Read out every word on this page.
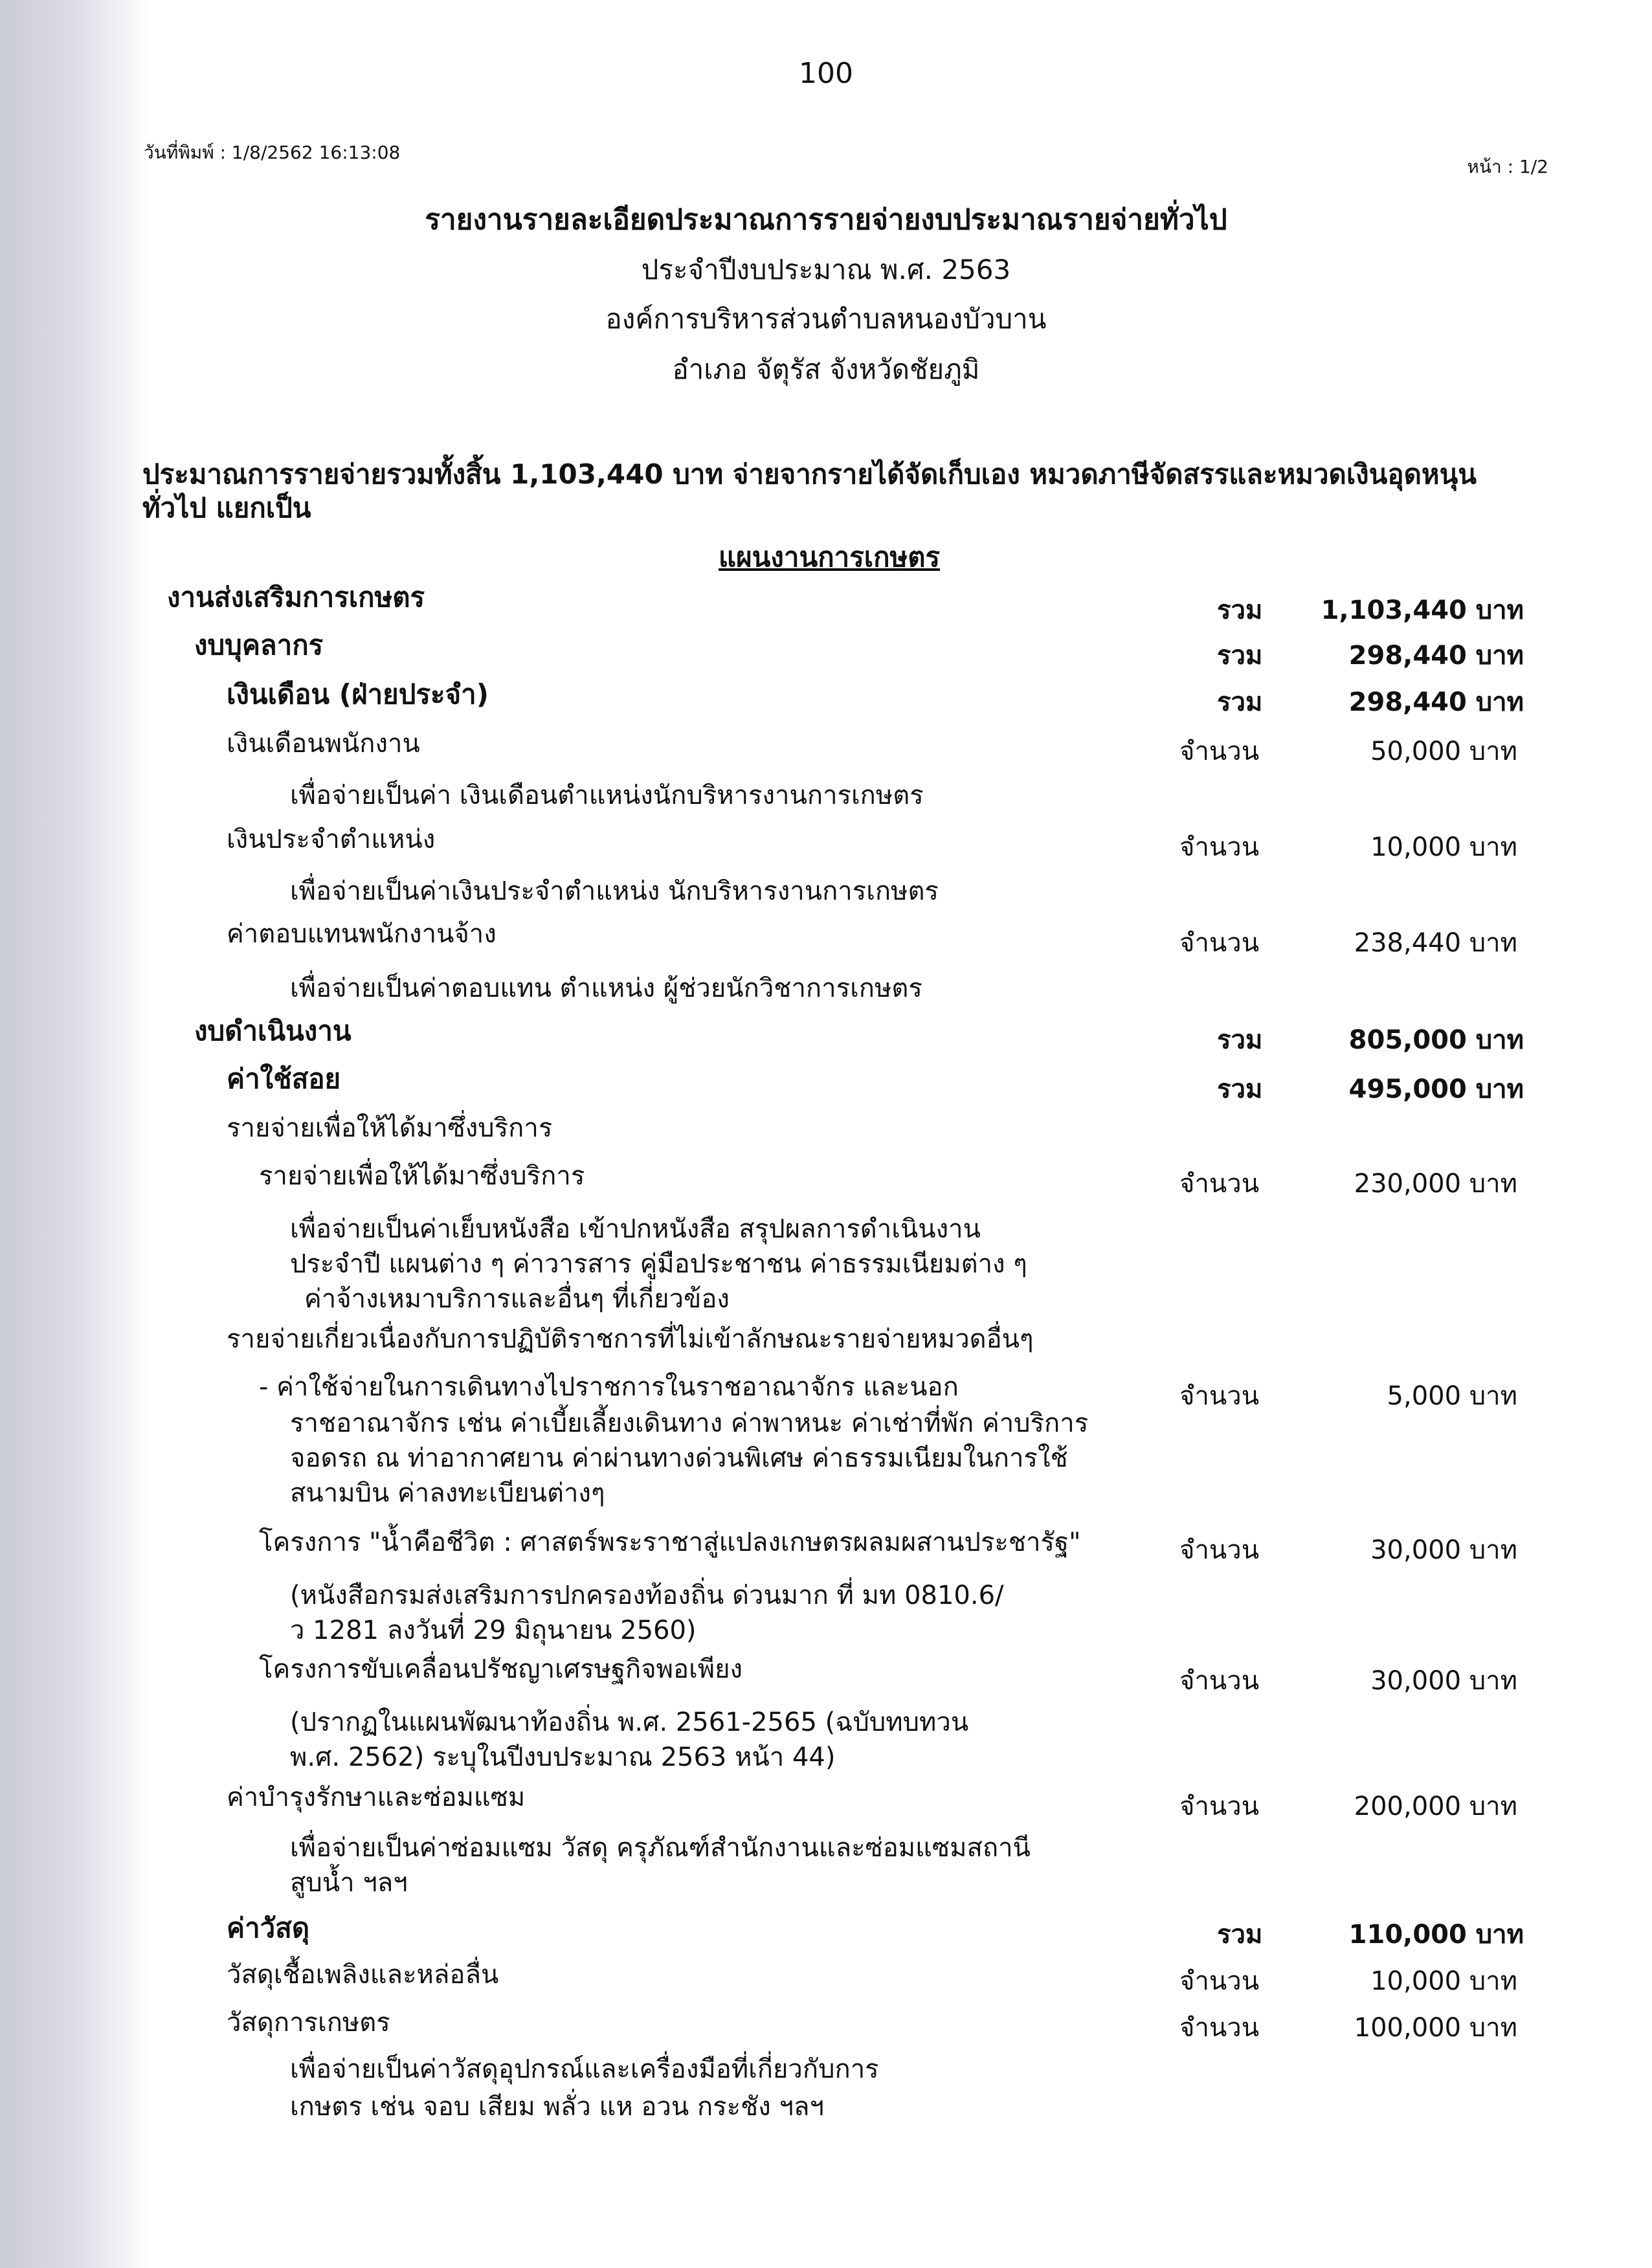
100
วันที่พิมพ์ : 1/8/2562 16:13:08
หน้า : 1/2
รายงานรายละเอียดประมาณการรายจ่ายงบประมาณรายจ่ายทั่วไป
ประจำปีงบประมาณ พ.ศ. 2563
องค์การบริหารส่วนตำบลหนองบัวบาน
อำเภอ จัตุรัส จังหวัดชัยภูมิ
ประมาณการรายจ่ายรวมทั้งสิ้น 1,103,440 บาท จ่ายจากรายได้จัดเก็บเอง หมวดภาษีจัดสรรและหมวดเงินอุดหนุน
ทั่วไป แยกเป็น
แผนงานการเกษตร
งานส่งเสริมการเกษตร	รวม 1,103,440 บาท
งบบุคลากร	รวม	298,440 บาท
เงินเดือน (ฝ่ายประจำ)	รวม	298,440 บาท
เงินเดือนพนักงาน	จำนวน	50,000 บาท
เพื่อจ่ายเป็นค่า เงินเดือนตำแหน่งนักบริหารงานการเกษตร
เงินประจำตำแหน่ง	จำนวน	10,000 บาท
เพื่อจ่ายเป็นค่าเงินประจำตำแหน่ง นักบริหารงานการเกษตร
ค่าตอบแทนพนักงานจ้าง	จำนวน	238,440 บาท
เพื่อจ่ายเป็นค่าตอบแทน ตำแหน่ง ผู้ช่วยนักวิชาการเกษตร
งบดำเนินงาน	รวม	805,000 บาท
ค่าใช้สอย	รวม	495,000 บาท
รายจ่ายเพื่อให้ได้มาซึ่งบริการ
รายจ่ายเพื่อให้ได้มาซึ่งบริการ	จำนวน	230,000 บาท
เพื่อจ่ายเป็นค่าเย็บหนังสือ เข้าปกหนังสือ สรุปผลการดำเนินงาน
ประจำปี แผนต่าง ๆ ค่าวารสาร คู่มือประชาชน ค่าธรรมเนียมต่าง ๆ
ค่าจ้างเหมาบริการและอื่นๆ ที่เกี่ยวข้อง
รายจ่ายเกี่ยวเนื่องกับการปฏิบัติราชการที่ไม่เข้าลักษณะรายจ่ายหมวดอื่นๆ
- ค่าใช้จ่ายในการเดินทางไปราชการในราชอาณาจักร และนอก	จำนวน	5,000 บาท
ราชอาณาจักร เช่น ค่าเบี้ยเลี้ยงเดินทาง ค่าพาหนะ ค่าเช่าที่พัก ค่าบริการ
จอดรถ ณ ท่าอากาศยาน ค่าผ่านทางด่วนพิเศษ ค่าธรรมเนียมในการใช้
สนามบิน ค่าลงทะเบียนต่างๆ
โครงการ "น้ำคือชีวิต : ศาสตร์พระราชาสู่แปลงเกษตรผลมผสานประชารัฐ"	จำนวน	30,000 บาท
(หนังสือกรมส่งเสริมการปกครองท้องถิ่น ด่วนมาก ที่ มท 0810.6/
ว 1281 ลงวันที่ 29 มิถุนายน 2560)
โครงการขับเคลื่อนปรัชญาเศรษฐกิจพอเพียง	จำนวน	30,000 บาท
(ปรากฏในแผนพัฒนาท้องถิ่น พ.ศ. 2561-2565 (ฉบับทบทวน
พ.ศ. 2562) ระบุในปีงบประมาณ 2563 หน้า 44)
ค่าบำรุงรักษาและซ่อมแซม	จำนวน	200,000 บาท
เพื่อจ่ายเป็นค่าซ่อมแซม วัสดุ ครุภัณฑ์สำนักงานและซ่อมแซมสถานี
สูบน้ำ ฯลฯ
ค่าวัสดุ	รวม	110,000 บาท
วัสดุเชื้อเพลิงและหล่อลื่น	จำนวน	10,000 บาท
วัสดุการเกษตร	จำนวน	100,000 บาท
เพื่อจ่ายเป็นค่าวัสดุอุปกรณ์และเครื่องมือที่เกี่ยวกับการ
เกษตร เช่น จอบ เสียม พลั่ว แห อวน กระชัง ฯลฯ
